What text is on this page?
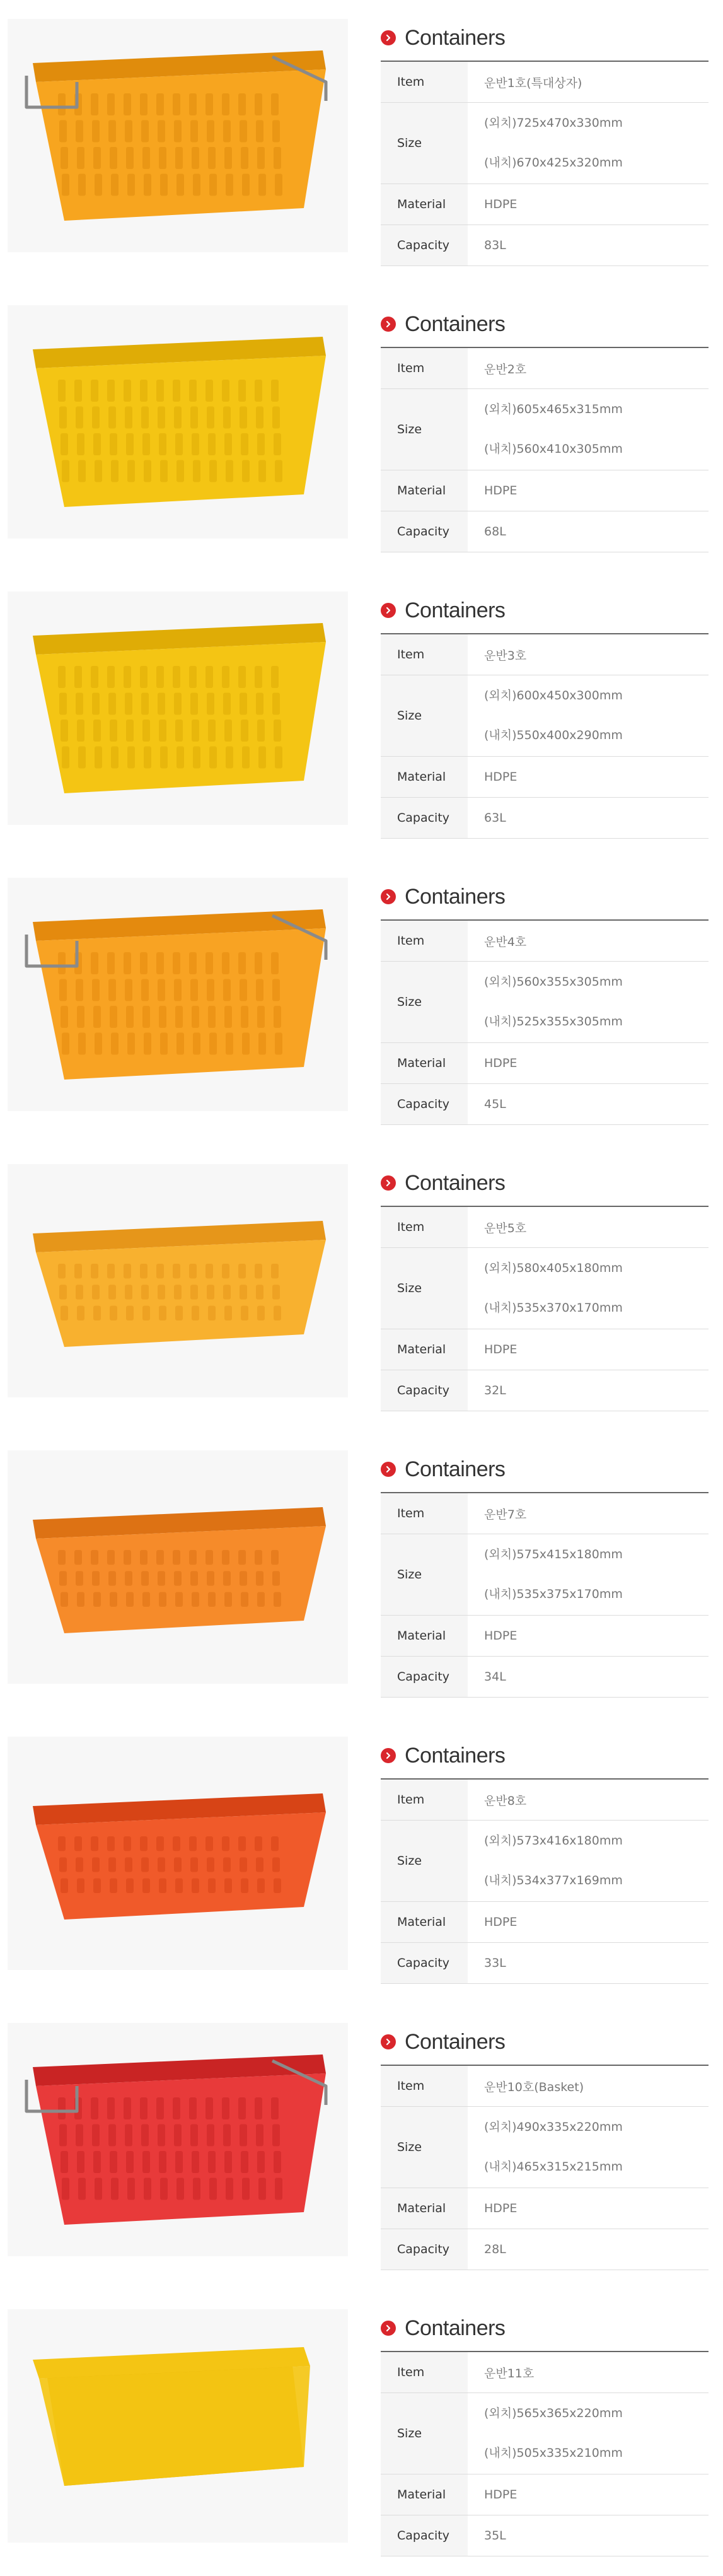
Containers
Item	운반1호(특대상자)
Size	(외치)725x470x330mm
(내치)670x425x320mm

Material	HDPE
Capacity	83L
Containers
Item	운반2호
Size	(외치)605x465x315mm
(내치)560x410x305mm

Material	HDPE
Capacity	68L
Containers
Item	운반3호
Size	(외치)600x450x300mm
(내치)550x400x290mm

Material	HDPE
Capacity	63L
Containers
Item	운반4호
Size	(외치)560x355x305mm
(내치)525x355x305mm

Material	HDPE
Capacity	45L
Containers
Item	운반5호
Size	(외치)580x405x180mm
(내치)535x370x170mm

Material	HDPE
Capacity	32L
Containers
Item	운반7호
Size	(외치)575x415x180mm
(내치)535x375x170mm

Material	HDPE
Capacity	34L
Containers
Item	운반8호
Size	(외치)573x416x180mm
(내치)534x377x169mm

Material	HDPE
Capacity	33L
Containers
Item	운반10호(Basket)
Size	(외치)490x335x220mm
(내치)465x315x215mm

Material	HDPE
Capacity	28L
Containers
Item	운반11호
Size	(외치)565x365x220mm
(내치)505x335x210mm

Material	HDPE
Capacity	35L
